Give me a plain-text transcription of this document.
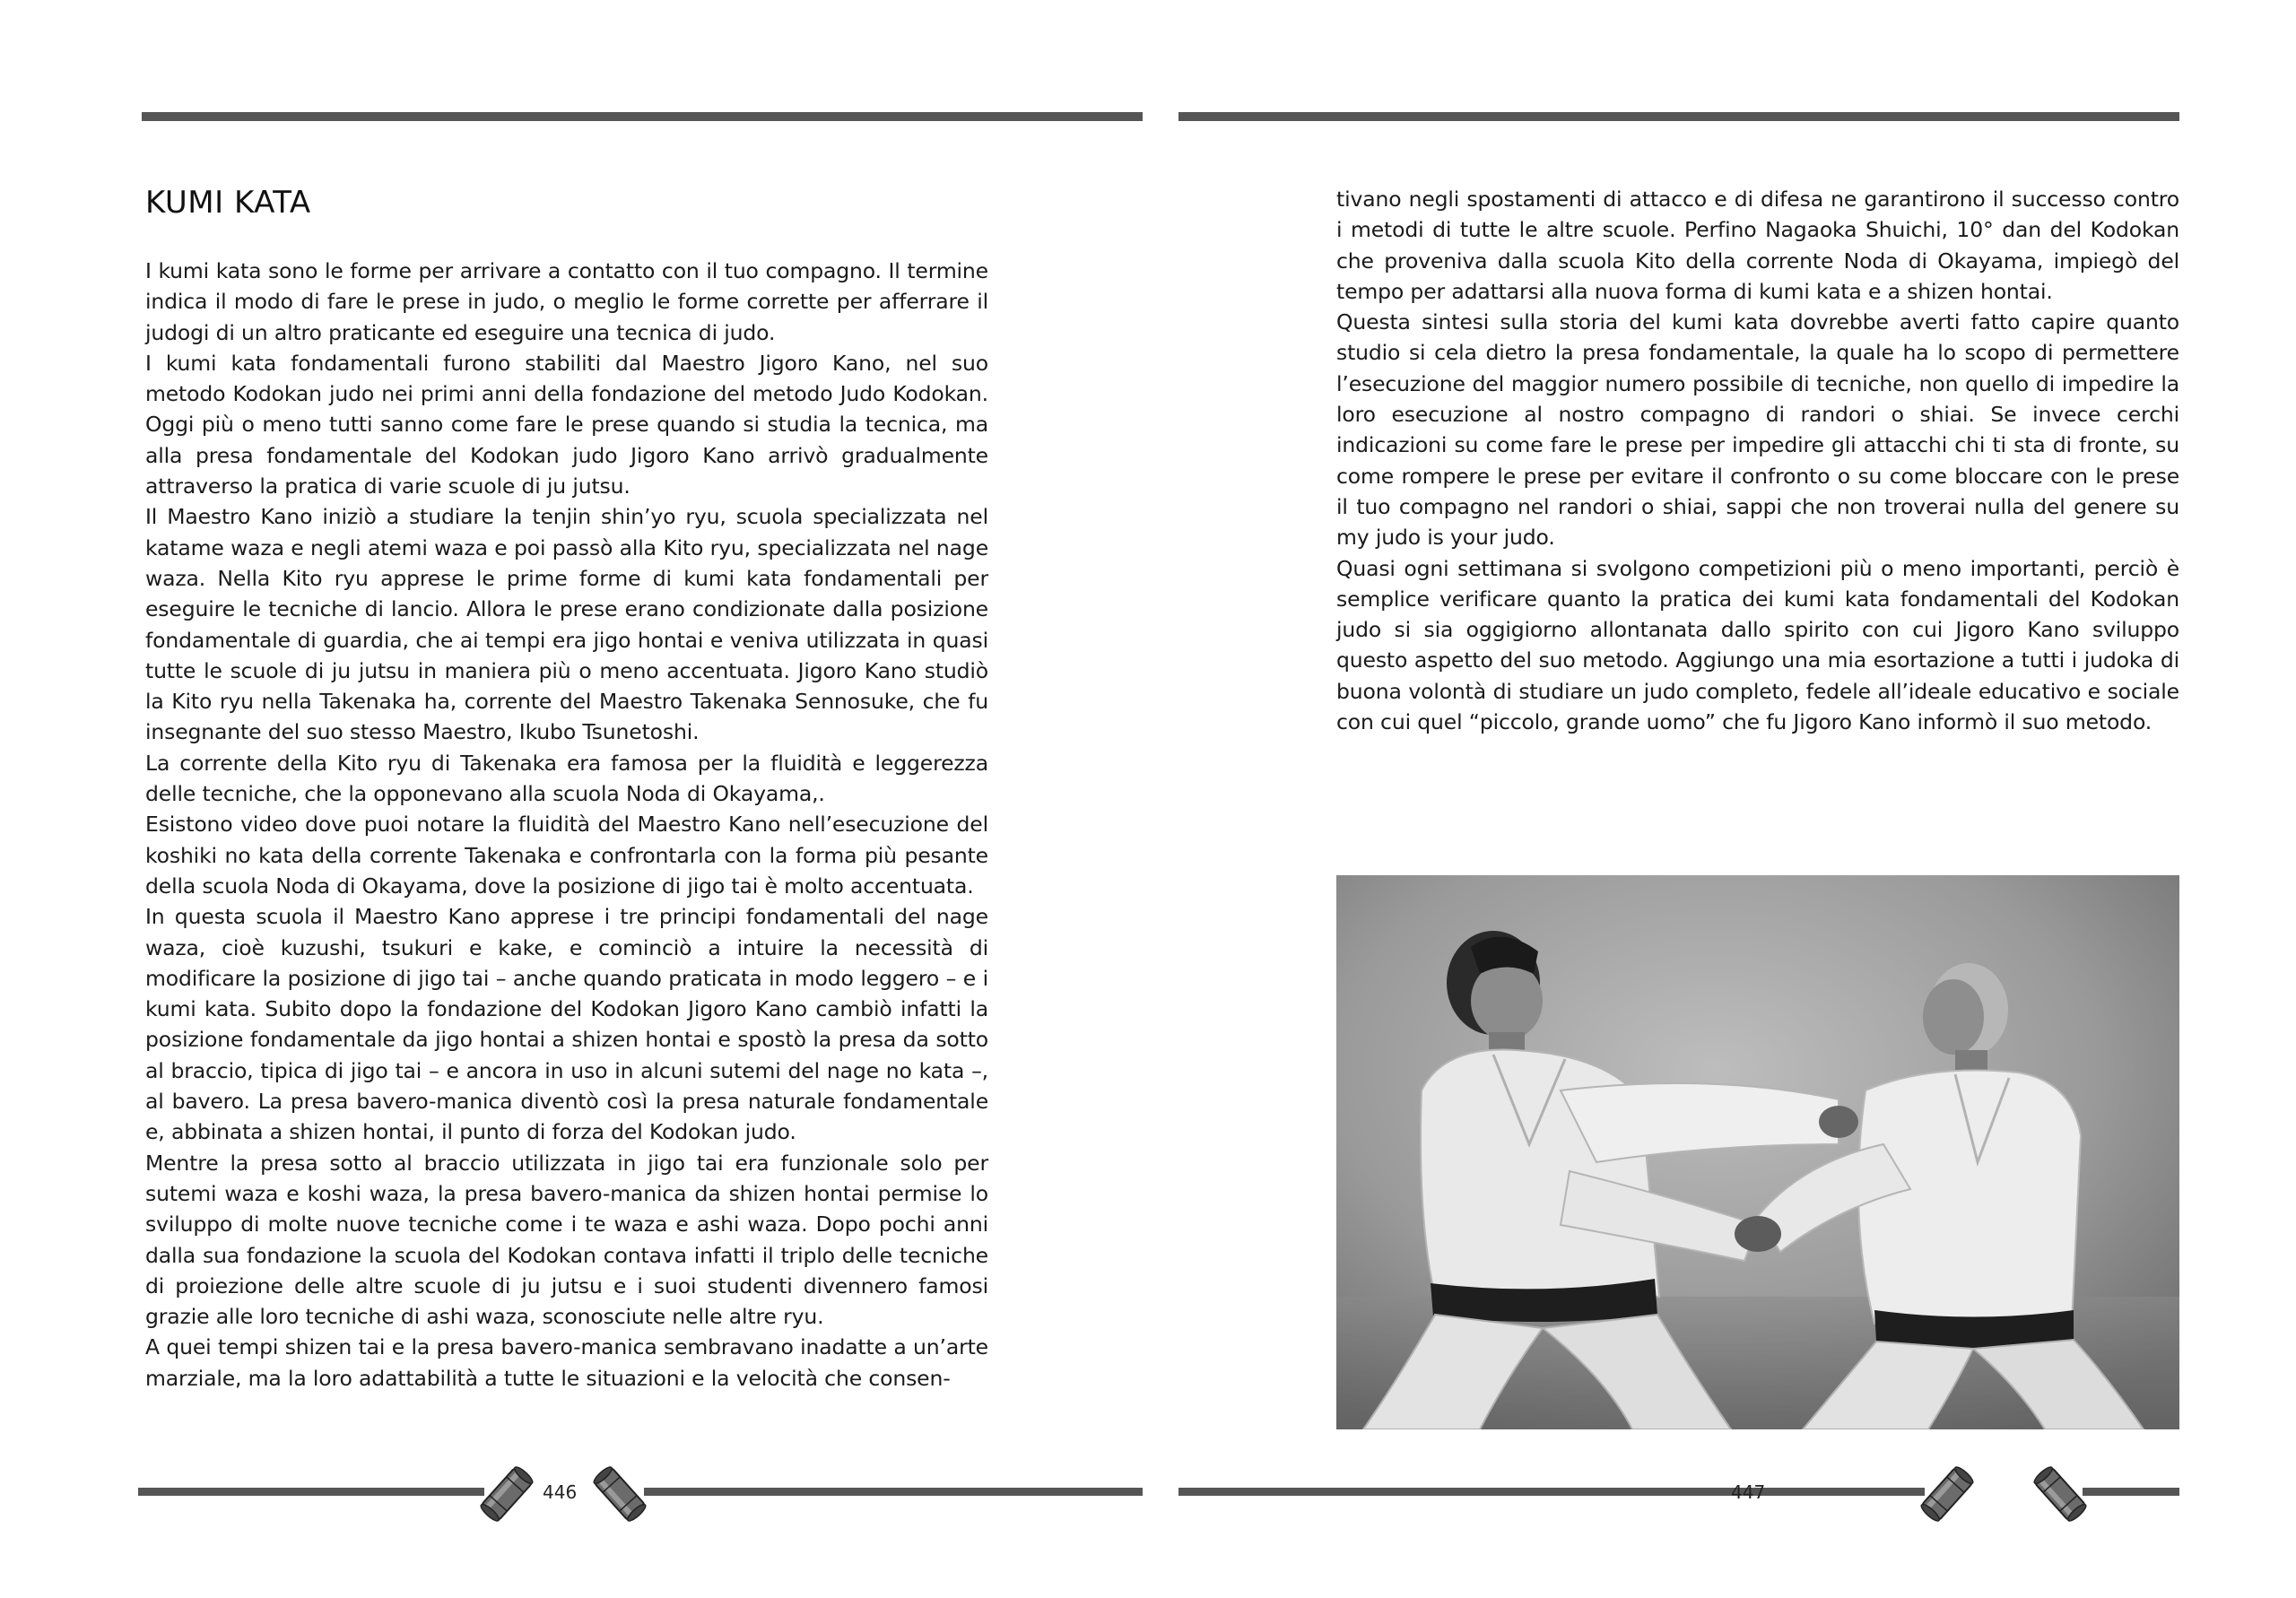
KUMI KATA

I kumi kata sono le forme per arrivare a contatto con il tuo compagno. Il termine indica il modo di fare le prese in judo, o meglio le forme corrette per afferrare il judogi di un altro praticante ed eseguire una tecnica di judo.

I kumi kata fondamentali furono stabiliti dal Maestro Jigoro Kano, nel suo metodo Kodokan judo nei primi anni della fondazione del metodo Judo Kodokan. Oggi più o meno tutti sanno come fare le prese quando si studia la tecnica, ma alla presa fondamentale del Kodokan judo Jigoro Kano arrivò gradualmente attraverso la pratica di varie scuole di ju jutsu.

Il Maestro Kano iniziò a studiare la tenjin shin’yo ryu, scuola specializzata nel katame waza e negli atemi waza e poi passò alla Kito ryu, specializzata nel nage waza. Nella Kito ryu apprese le prime forme di kumi kata fondamentali per eseguire le tecniche di lancio. Allora le prese erano condizionate dalla posizione fondamentale di guardia, che ai tempi era jigo hontai e veniva utilizzata in quasi tutte le scuole di ju jutsu in maniera più o meno accentuata. Jigoro Kano studiò la Kito ryu nella Takenaka ha, corrente del Maestro Takenaka Sennosuke, che fu insegnante del suo stesso Maestro, Ikubo Tsunetoshi.

La corrente della Kito ryu di Takenaka era famosa per la fluidità e leggerezza delle tecniche, che la opponevano alla scuola Noda di Okayama,.

Esistono video dove puoi notare la fluidità del Maestro Kano nell’esecuzione del koshiki no kata della corrente Takenaka e confrontarla con la forma più pesante della scuola Noda di Okayama, dove la posizione di jigo tai è molto accentuata.

In questa scuola il Maestro Kano apprese i tre principi fondamentali del nage waza, cioè kuzushi, tsukuri e kake, e cominciò a intuire la necessità di modificare la posizione di jigo tai – anche quando praticata in modo leggero – e i kumi kata. Subito dopo la fondazione del Kodokan Jigoro Kano cambiò infatti la posizione fondamentale da jigo hontai a shizen hontai e spostò la presa da sotto al braccio, tipica di jigo tai – e ancora in uso in alcuni sutemi del nage no kata –, al bavero. La presa bavero-manica diventò così la presa naturale fondamentale e, abbinata a shizen hontai, il punto di forza del Kodokan judo.

Mentre la presa sotto al braccio utilizzata in jigo tai era funzionale solo per sutemi waza e koshi waza, la presa bavero-manica da shizen hontai permise lo sviluppo di molte nuove tecniche come i te waza e ashi waza. Dopo pochi anni dalla sua fondazione la scuola del Kodokan contava infatti il triplo delle tecniche di proiezione delle altre scuole di ju jutsu e i suoi studenti divennero famosi grazie alle loro tecniche di ashi waza, sconosciute nelle altre ryu.

A quei tempi shizen tai e la presa bavero-manica sembravano inadatte a un’arte marziale, ma la loro adattabilità a tutte le situazioni e la velocità che consen-

446

tivano negli spostamenti di attacco e di difesa ne garantirono il successo contro i metodi di tutte le altre scuole. Perfino Nagaoka Shuichi, 10° dan del Kodokan che proveniva dalla scuola Kito della corrente Noda di Okayama, impiegò del tempo per adattarsi alla nuova forma di kumi kata e a shizen hontai.

Questa sintesi sulla storia del kumi kata dovrebbe averti fatto capire quanto studio si cela dietro la presa fondamentale, la quale ha lo scopo di permettere l’esecuzione del maggior numero possibile di tecniche, non quello di impedire la loro esecuzione al nostro compagno di randori o shiai. Se invece cerchi indicazioni su come fare le prese per impedire gli attacchi chi ti sta di fronte, su come rompere le prese per evitare il confronto o su come bloccare con le prese il tuo compagno nel randori o shiai, sappi che non troverai nulla del genere su my judo is your judo.

Quasi ogni settimana si svolgono competizioni più o meno importanti, perciò è semplice verificare quanto la pratica dei kumi kata fondamentali del Kodokan judo si sia oggigiorno allontanata dallo spirito con cui Jigoro Kano sviluppo questo aspetto del suo metodo. Aggiungo una mia esortazione a tutti i judoka di buona volontà di studiare un judo completo, fedele all’ideale educativo e sociale con cui quel “piccolo, grande uomo” che fu Jigoro Kano informò il suo metodo.

447
